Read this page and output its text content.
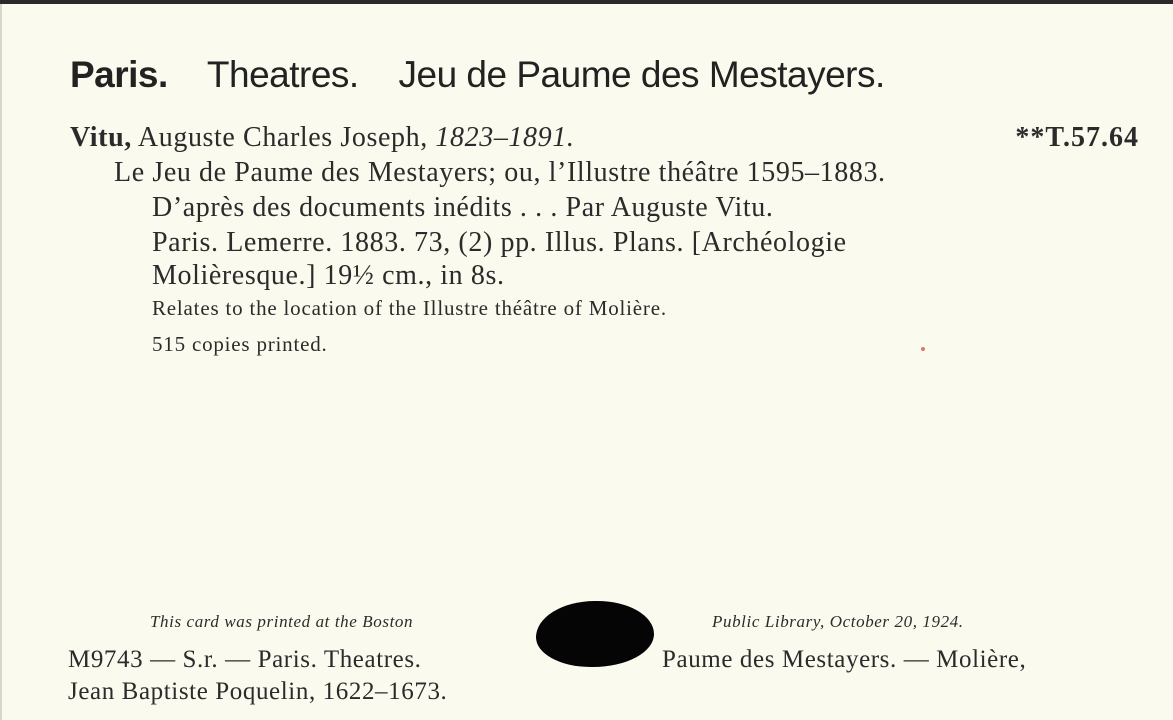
Paris. Theatres. Jeu de Paume des Mestayers.
Vitu, Auguste Charles Joseph, 1823–1891.	**T.57.64
Le Jeu de Paume des Mestayers; ou, l’Illustre théâtre 1595–1883.
D’après des documents inédits . . . Par Auguste Vitu.
Paris. Lemerre. 1883. 73, (2) pp. Illus. Plans. [Archéologie
Molièresque.] 19½ cm., in 8s.
Relates to the location of the Illustre théâtre of Molière.
515 copies printed.
This card was printed at the Boston	Public Library, October 20, 1924.
M9743 — S.r. — Paris. Theatres.	Paume des Mestayers. — Molière,
Jean Baptiste Poquelin, 1622–1673.
